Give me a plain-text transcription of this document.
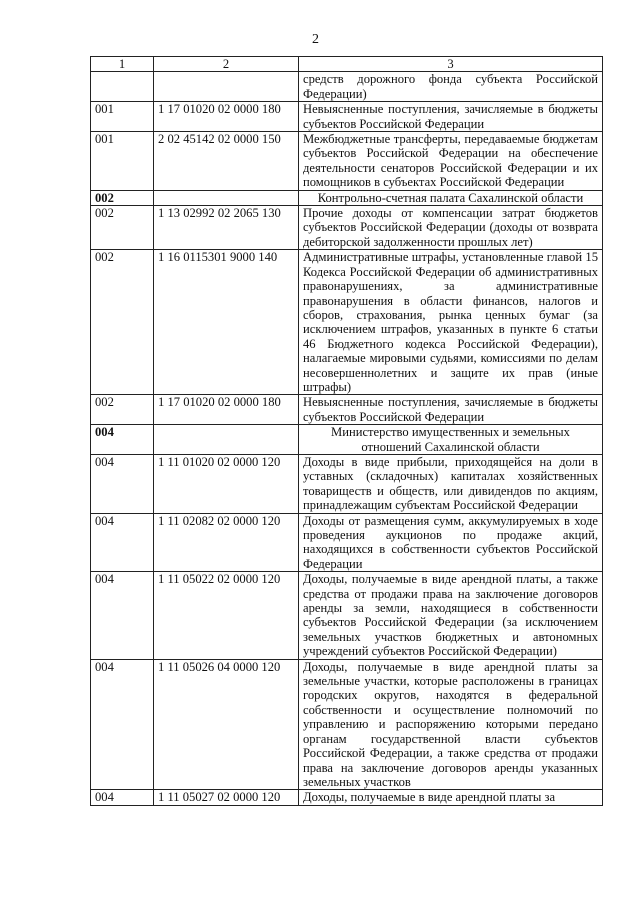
2
1	2	3
		средств дорожного фонда субъекта Российской Федерации)
001	1 17 01020 02 0000 180	Невыясненные поступления, зачисляемые в бюджеты субъектов Российской Федерации
001	2 02 45142 02 0000 150	Межбюджетные трансферты, передаваемые бюджетам субъектов Российской Федерации на обеспечение деятельности сенаторов Российской Федерации и их помощников в субъектах Российской Федерации
002		Контрольно-счетная палата Сахалинской области
002	1 13 02992 02 2065 130	Прочие доходы от компенсации затрат бюджетов субъектов Российской Федерации (доходы от возврата дебиторской задолженности прошлых лет)
002	1 16 0115301 9000 140	Административные штрафы, установленные главой 15 Кодекса Российской Федерации об административных правонарушениях, за административные правонарушения в области финансов, налогов и сборов, страхования, рынка ценных бумаг (за исключением штрафов, указанных в пункте 6 статьи 46 Бюджетного кодекса Российской Федерации), налагаемые мировыми судьями, комиссиями по делам несовершеннолетних и защите их прав (иные штрафы)
002	1 17 01020 02 0000 180	Невыясненные поступления, зачисляемые в бюджеты субъектов Российской Федерации
004		Министерство имущественных и земельных отношений Сахалинской области
004	1 11 01020 02 0000 120	Доходы в виде прибыли, приходящейся на доли в уставных (складочных) капиталах хозяйственных товариществ и обществ, или дивидендов по акциям, принадлежащим субъектам Российской Федерации
004	1 11 02082 02 0000 120	Доходы от размещения сумм, аккумулируемых в ходе проведения аукционов по продаже акций, находящихся в собственности субъектов Российской Федерации
004	1 11 05022 02 0000 120	Доходы, получаемые в виде арендной платы, а также средства от продажи права на заключение договоров аренды за земли, находящиеся в собственности субъектов Российской Федерации (за исключением земельных участков бюджетных и автономных учреждений субъектов Российской Федерации)
004	1 11 05026 04 0000 120	Доходы, получаемые в виде арендной платы за земельные участки, которые расположены в границах городских округов, находятся в федеральной собственности и осуществление полномочий по управлению и распоряжению которыми передано органам государственной власти субъектов Российской Федерации, а также средства от продажи права на заключение договоров аренды указанных земельных участков
004	1 11 05027 02 0000 120	Доходы, получаемые в виде арендной платы за
